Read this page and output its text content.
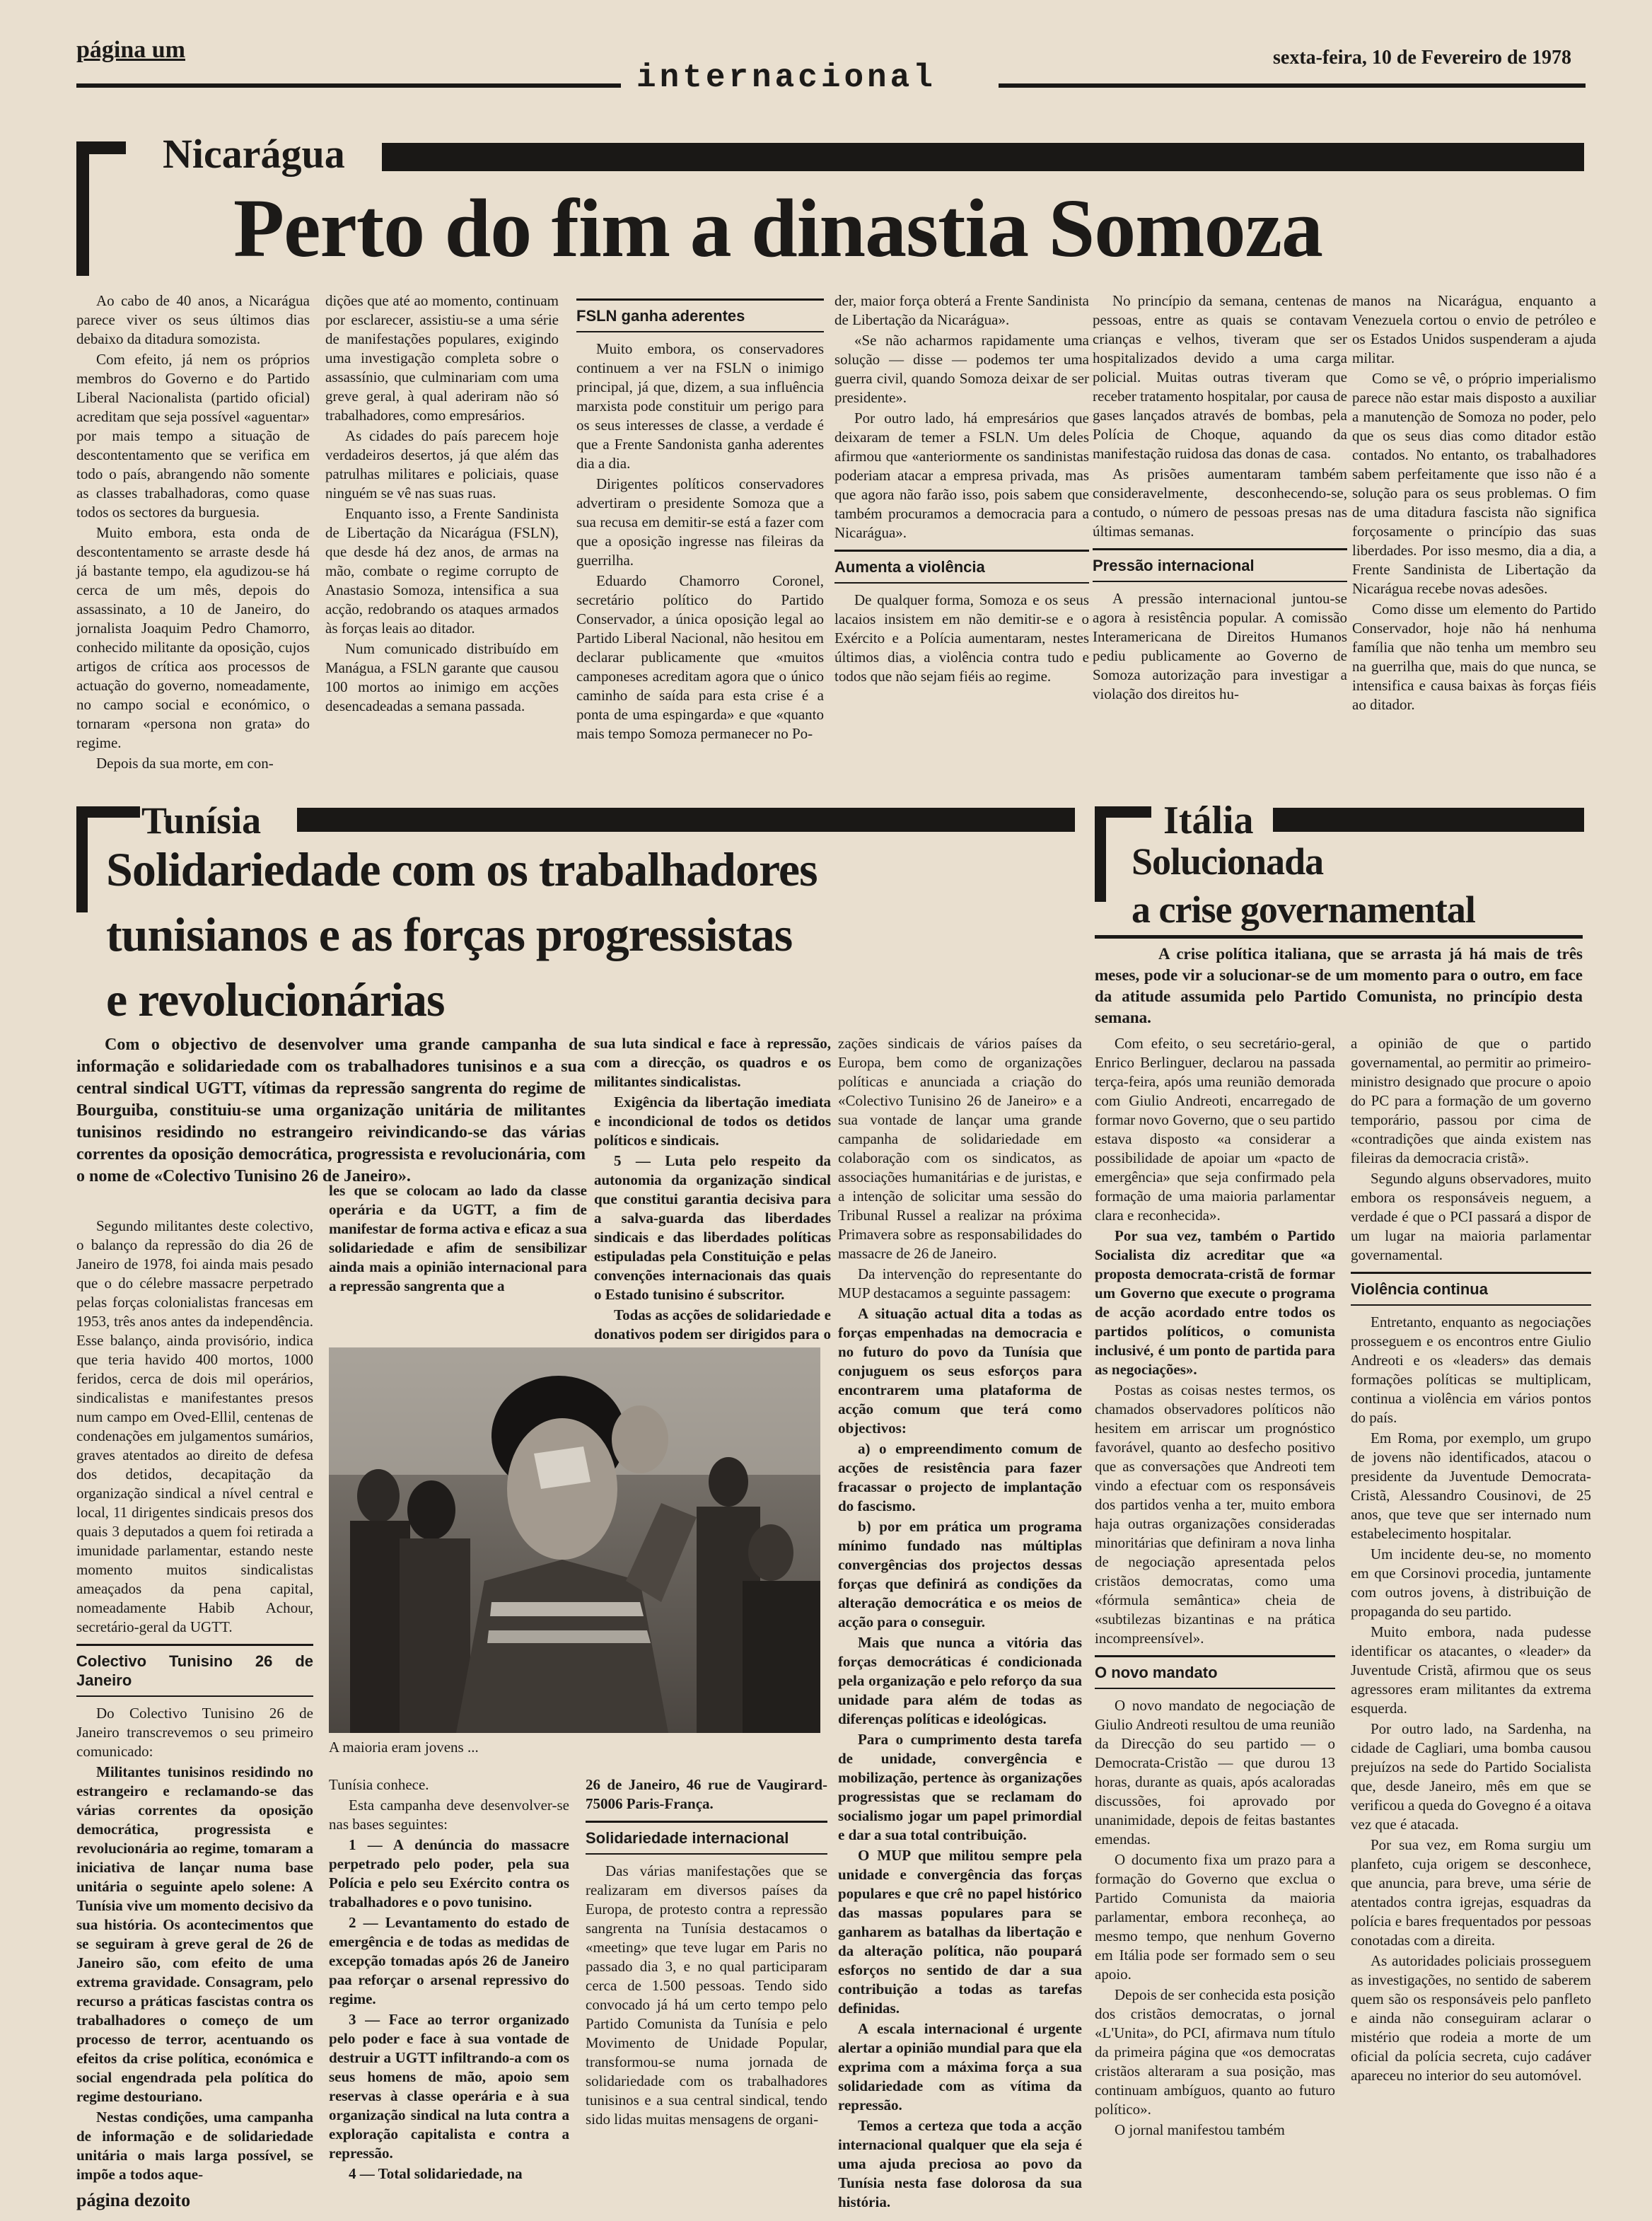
página um
internacional
sexta-feira, 10 de Fevereiro de 1978
Nicarágua
Perto do fim a dinastia Somoza

Ao cabo de 40 anos, a Nicarágua parece viver os seus últimos dias debaixo da ditadura somozista.

Com efeito, já nem os próprios membros do Governo e do Partido Liberal Nacionalista (partido oficial) acreditam que seja possível «aguentar» por mais tempo a situação de descontentamento que se verifica em todo o país, abrangendo não somente as classes trabalhadoras, como quase todos os sectores da burguesia.

Muito embora, esta onda de descontentamento se arraste desde há já bastante tempo, ela agudizou-se há cerca de um mês, depois do assassinato, a 10 de Janeiro, do jornalista Joaquim Pedro Chamorro, conhecido militante da oposição, cujos artigos de crítica aos processos de actuação do governo, nomeadamente, no campo social e económico, o tornaram «persona non grata» do regime.

Depois da sua morte, em con-

dições que até ao momento, continuam por esclarecer, assistiu-se a uma série de manifestações populares, exigindo uma investigação completa sobre o assassínio, que culminariam com uma greve geral, à qual aderiram não só trabalhadores, como empresários.

As cidades do país parecem hoje verdadeiros desertos, já que além das patrulhas militares e policiais, quase ninguém se vê nas suas ruas.

Enquanto isso, a Frente Sandinista de Libertação da Nicarágua (FSLN), que desde há dez anos, de armas na mão, combate o regime corrupto de Anastasio Somoza, intensifica a sua acção, redobrando os ataques armados às forças leais ao ditador.

Num comunicado distribuído em Manágua, a FSLN garante que causou 100 mortos ao inimigo em acções desencadeadas a semana passada.

FSLN ganha aderentes

Muito embora, os conservadores continuem a ver na FSLN o inimigo principal, já que, dizem, a sua influência marxista pode constituir um perigo para os seus interesses de classe, a verdade é que a Frente Sandonista ganha aderentes dia a dia.

Dirigentes políticos conservadores advertiram o presidente Somoza que a sua recusa em demitir-se está a fazer com que a oposição ingresse nas fileiras da guerrilha.

Eduardo Chamorro Coronel, secretário político do Partido Conservador, a única oposição legal ao Partido Liberal Nacional, não hesitou em declarar publicamente que «muitos camponeses acreditam agora que o único caminho de saída para esta crise é a ponta de uma espingarda» e que «quanto mais tempo Somoza permanecer no Po-

der, maior força obterá a Frente Sandinista de Libertação da Nicarágua».

«Se não acharmos rapidamente uma solução — disse — podemos ter uma guerra civil, quando Somoza deixar de ser presidente».

Por outro lado, há empresários que deixaram de temer a FSLN. Um deles afirmou que «anteriormente os sandinistas poderiam atacar a empresa privada, mas que agora não farão isso, pois sabem que também procuramos a democracia para a Nicarágua».

Aumenta a violência

De qualquer forma, Somoza e os seus lacaios insistem em não demitir-se e o Exército e a Polícia aumentaram, nestes últimos dias, a violência contra tudo e todos que não sejam fiéis ao regime.

No princípio da semana, centenas de pessoas, entre as quais se contavam crianças e velhos, tiveram que ser hospitalizados devido a uma carga policial. Muitas outras tiveram que receber tratamento hospitalar, por causa de gases lançados através de bombas, pela Polícia de Choque, aquando da manifestação ruidosa das donas de casa.

As prisões aumentaram também consideravelmente, desconhecendo-se, contudo, o número de pessoas presas nas últimas semanas.

Pressão internacional

A pressão internacional juntou-se agora à resistência popular. A comissão Interamericana de Direitos Humanos pediu publicamente ao Governo de Somoza autorização para investigar a violação dos direitos hu-

manos na Nicarágua, enquanto a Venezuela cortou o envio de petróleo e os Estados Unidos suspenderam a ajuda militar.

Como se vê, o próprio imperialismo parece não estar mais disposto a auxiliar a manutenção de Somoza no poder, pelo que os seus dias como ditador estão contados. No entanto, os trabalhadores sabem perfeitamente que isso não é a solução para os seus problemas. O fim de uma ditadura fascista não significa forçosamente o princípio das suas liberdades. Por isso mesmo, dia a dia, a Frente Sandinista de Libertação da Nicarágua recebe novas adesões.

Como disse um elemento do Partido Conservador, hoje não há nenhuma família que não tenha um membro seu na guerrilha que, mais do que nunca, se intensifica e causa baixas às forças fiéis ao ditador.

Tunísia
Solidariedade com os trabalhadores
tunisianos e as forças progressistas
e revolucionárias
Com o objectivo de desenvolver uma grande campanha de informação e solidariedade com os trabalhadores tunisinos e a sua central sindical UGTT, vítimas da repressão sangrenta do regime de Bourguiba, constituiu-se uma organização unitária de militantes tunisinos residindo no estrangeiro reivindicando-se das várias correntes da oposição democrática, progressista e revolucionária, com o nome de «Colectivo Tunisino 26 de Janeiro».

Segundo militantes deste colectivo, o balanço da repressão do dia 26 de Janeiro de 1978, foi ainda mais pesado que o do célebre massacre perpetrado pelas forças colonialistas francesas em 1953, três anos antes da independência. Esse balanço, ainda provisório, indica que teria havido 400 mortos, 1000 feridos, cerca de dois mil operários, sindicalistas e manifestantes presos num campo em Oved-Ellil, centenas de condenações em julgamentos sumários, graves atentados ao direito de defesa dos detidos, decapitação da organização sindical a nível central e local, 11 dirigentes sindicais presos dos quais 3 deputados a quem foi retirada a imunidade parlamentar, estando neste momento muitos sindicalistas ameaçados da pena capital, nomeadamente Habib Achour, secretário-geral da UGTT.

Colectivo Tunisino 26 de Janeiro

Do Colectivo Tunisino 26 de Janeiro transcrevemos o seu primeiro comunicado:

Militantes tunisinos residindo no estrangeiro e reclamando-se das várias correntes da oposição democrática, progressista e revolucionária ao regime, tomaram a iniciativa de lançar numa base unitária o seguinte apelo solene: A Tunísia vive um momento decisivo da sua história. Os acontecimentos que se seguiram à greve geral de 26 de Janeiro são, com efeito de uma extrema gravidade. Consagram, pelo recurso a práticas fascistas contra os trabalhadores o começo de um processo de terror, acentuando os efeitos da crise política, económica e social engendrada pela política do regime destouriano.

Nestas condições, uma campanha de informação e de solidariedade unitária o mais larga possível, se impõe a todos aque-

les que se colocam ao lado da classe operária e da UGTT, a fim de manifestar de forma activa e eficaz a sua solidariedade e afim de sensibilizar ainda mais a opinião internacional para a repressão sangrenta que a

sua luta sindical e face à repressão, com a direcção, os quadros e os militantes sindicalistas.

Exigência da libertação imediata e incondicional de todos os detidos políticos e sindicais.

5 — Luta pelo respeito da autonomia da organização sindical que constitui garantia decisiva para a salva-guarda das liberdades sindicais e das liberdades políticas estipuladas pela Constituição e pelas convenções internacionais das quais o Estado tunisino é subscritor.

Todas as acções de solidariedade e donativos podem ser dirigidos para o

A maioria eram jovens ...

Tunísia conhece.

Esta campanha deve desenvolver-se nas bases seguintes:

1 — A denúncia do massacre perpetrado pelo poder, pela sua Polícia e pelo seu Exército contra os trabalhadores e o povo tunisino.

2 — Levantamento do estado de emergência e de todas as medidas de excepção tomadas após 26 de Janeiro paa reforçar o arsenal repressivo do regime.

3 — Face ao terror organizado pelo poder e face à sua vontade de destruir a UGTT infiltrando-a com os seus homens de mão, apoio sem reservas à classe operária e à sua organização sindical na luta contra a exploração capitalista e contra a repressão.

4 — Total solidariedade, na

26 de Janeiro, 46 rue de Vaugirard-75006 Paris-França.

Solidariedade internacional

Das várias manifestações que se realizaram em diversos países da Europa, de protesto contra a repressão sangrenta na Tunísia destacamos o «meeting» que teve lugar em Paris no passado dia 3, e no qual participaram cerca de 1.500 pessoas. Tendo sido convocado já há um certo tempo pelo Partido Comunista da Tunísia e pelo Movimento de Unidade Popular, transformou-se numa jornada de solidariedade com os trabalhadores tunisinos e a sua central sindical, tendo sido lidas muitas mensagens de organi-

zações sindicais de vários países da Europa, bem como de organizações políticas e anunciada a criação do «Colectivo Tunisino 26 de Janeiro» e a sua vontade de lançar uma grande campanha de solidariedade em colaboração com os sindicatos, as associações humanitárias e de juristas, e a intenção de solicitar uma sessão do Tribunal Russel a realizar na próxima Primavera sobre as responsabilidades do massacre de 26 de Janeiro.

Da intervenção do representante do MUP destacamos a seguinte passagem:

A situação actual dita a todas as forças empenhadas na democracia e no futuro do povo da Tunísia que conjuguem os seus esforços para encontrarem uma plataforma de acção comum que terá como objectivos:

a) o empreendimento comum de acções de resistência para fazer fracassar o projecto de implantação do fascismo.

b) por em prática um programa mínimo fundado nas múltiplas convergências dos projectos dessas forças que definirá as condições da alteração democrática e os meios de acção para o conseguir.

Mais que nunca a vitória das forças democráticas é condicionada pela organização e pelo reforço da sua unidade para além de todas as diferenças políticas e ideológicas.

Para o cumprimento desta tarefa de unidade, convergência e mobilização, pertence às organizações progressistas que se reclamam do socialismo jogar um papel primordial e dar a sua total contribuição.

O MUP que militou sempre pela unidade e convergência das forças populares e que crê no papel histórico das massas populares para se ganharem as batalhas da libertação e da alteração política, não poupará esforços no sentido de dar a sua contribuição a todas as tarefas definidas.

A escala internacional é urgente alertar a opinião mundial para que ela exprima com a máxima força a sua solidariedade com as vítima da repressão.

Temos a certeza que toda a acção internacional qualquer que ela seja é uma ajuda preciosa ao povo da Tunísia nesta fase dolorosa da sua história.

Itália
Solucionada
a crise governamental
A crise política italiana, que se arrasta já há mais de três meses, pode vir a solucionar-se de um momento para o outro, em face da atitude assumida pelo Partido Comunista, no princípio desta semana.

Com efeito, o seu secretário-geral, Enrico Berlinguer, declarou na passada terça-feira, após uma reunião demorada com Giulio Andreoti, encarregado de formar novo Governo, que o seu partido estava disposto «a considerar a possibilidade de apoiar um «pacto de emergência» que seja confirmado pela formação de uma maioria parlamentar clara e reconhecida».

Por sua vez, também o Partido Socialista diz acreditar que «a proposta democrata-cristã de formar um Governo que execute o programa de acção acordado entre todos os partidos políticos, o comunista inclusivé, é um ponto de partida para as negociações».

Postas as coisas nestes termos, os chamados observadores políticos não hesitem em arriscar um prognóstico favorável, quanto ao desfecho positivo que as conversações que Andreoti tem vindo a efectuar com os responsáveis dos partidos venha a ter, muito embora haja outras organizações consideradas minoritárias que definiram a nova linha de negociação apresentada pelos cristãos democratas, como uma «fórmula semântica» cheia de «subtilezas bizantinas e na prática incompreensível».

O novo mandato

O novo mandato de negociação de Giulio Andreoti resultou de uma reunião da Direcção do seu partido — o Democrata-Cristão — que durou 13 horas, durante as quais, após acaloradas discussões, foi aprovado por unanimidade, depois de feitas bastantes emendas.

O documento fixa um prazo para a formação do Governo que exclua o Partido Comunista da maioria parlamentar, embora reconheça, ao mesmo tempo, que nenhum Governo em Itália pode ser formado sem o seu apoio.

Depois de ser conhecida esta posição dos cristãos democratas, o jornal «L'Unita», do PCI, afirmava num título da primeira página que «os democratas cristãos alteraram a sua posição, mas continuam ambíguos, quanto ao futuro político».

O jornal manifestou também

a opinião de que o partido governamental, ao permitir ao primeiro-ministro designado que procure o apoio do PC para a formação de um governo temporário, passou por cima de «contradições que ainda existem nas fileiras da democracia cristã».

Segundo alguns observadores, muito embora os responsáveis neguem, a verdade é que o PCI passará a dispor de um lugar na maioria parlamentar governamental.

Violência continua

Entretanto, enquanto as negociações prosseguem e os encontros entre Giulio Andreoti e os «leaders» das demais formações políticas se multiplicam, continua a violência em vários pontos do país.

Em Roma, por exemplo, um grupo de jovens não identificados, atacou o presidente da Juventude Democrata-Cristã, Alessandro Cousinovi, de 25 anos, que teve que ser internado num estabelecimento hospitalar.

Um incidente deu-se, no momento em que Corsinovi procedia, juntamente com outros jovens, à distribuição de propaganda do seu partido.

Muito embora, nada pudesse identificar os atacantes, o «leader» da Juventude Cristã, afirmou que os seus agressores eram militantes da extrema esquerda.

Por outro lado, na Sardenha, na cidade de Cagliari, uma bomba causou prejuízos na sede do Partido Socialista que, desde Janeiro, mês em que se verificou a queda do Govegno é a oitava vez que é atacada.

Por sua vez, em Roma surgiu um planfeto, cuja origem se desconhece, que anuncia, para breve, uma série de atentados contra igrejas, esquadras da polícia e bares frequentados por pessoas conotadas com a direita.

As autoridades policiais prosseguem as investigações, no sentido de saberem quem são os responsáveis pelo panfleto e ainda não conseguiram aclarar o mistério que rodeia a morte de um oficial da polícia secreta, cujo cadáver apareceu no interior do seu automóvel.

página dezoito
